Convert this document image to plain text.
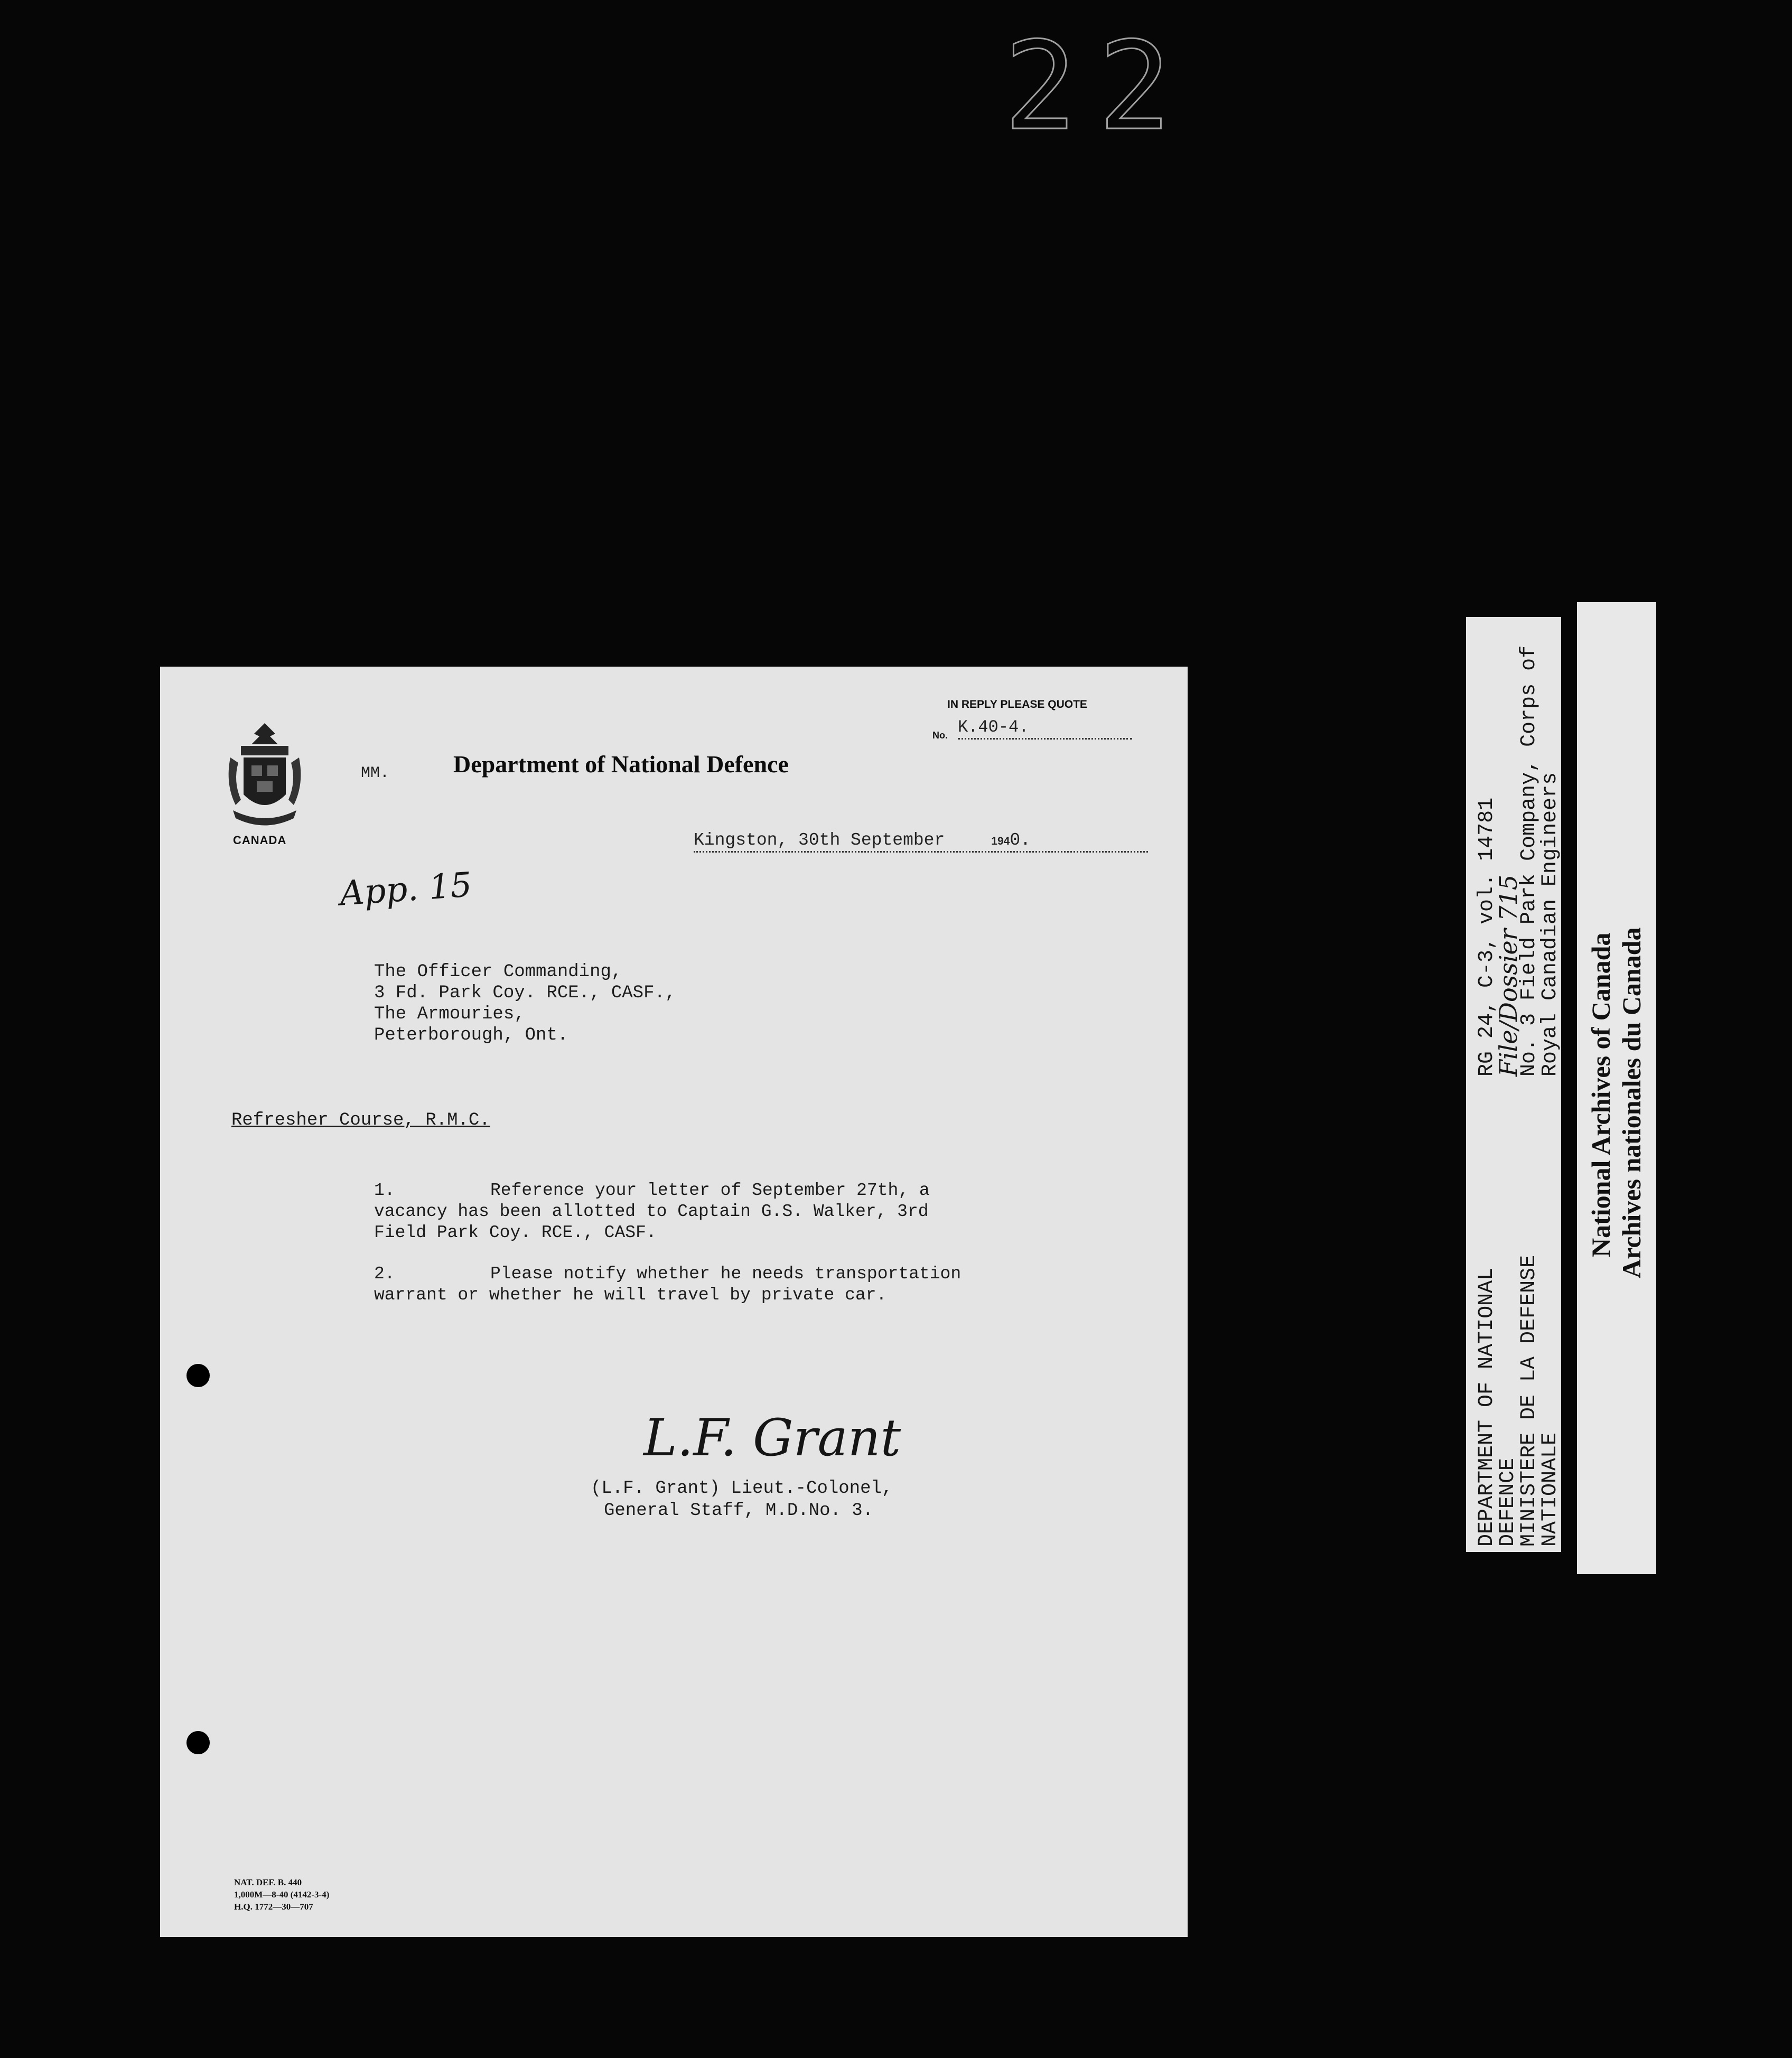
22
CANADA
MM.	Department of National Defence
IN REPLY PLEASE QUOTE
No. K.40-4.
Kingston, 30th September	1940.
App. 15
The Officer Commanding,
3 Fd. Park Coy. RCE., CASF.,
The Armouries,
Peterborough, Ont.
Refresher Course, R.M.C.
1.	Reference your letter of September 27th, a
vacancy has been allotted to Captain G.S. Walker, 3rd
Field Park Coy. RCE., CASF.
2.	Please notify whether he needs transportation
warrant or whether he will travel by private car.
L.F. Grant
(L.F. Grant) Lieut.-Colonel,
General Staff, M.D.No. 3.
NAT. DEF. B. 440
1,000M—8-40 (4142-3-4)
H.Q. 1772—30—707
DEPARTMENT OF NATIONAL
DEFENCE
MINISTERE DE LA DEFENSE
NATIONALE
RG 24, C-3, vol. 14781
File/Dossier 715
No. 3 Field Park Company, Corps of
Royal Canadian Engineers
National Archives of Canada Archives nationales du Canada
